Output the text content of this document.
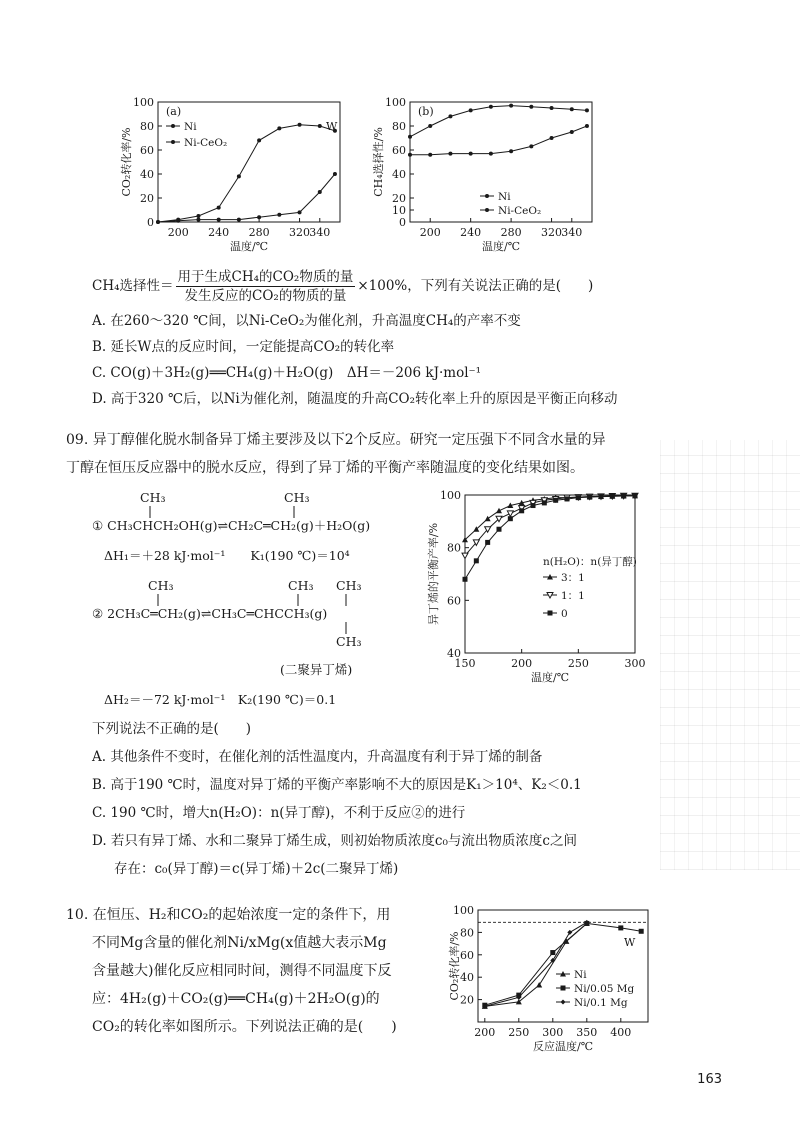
0
20
40
60
80
100
200 240 280 320 340
温度/℃
CO₂转化率/%
Ni
Ni-CeO₂
(a)
W
0
10
20
40
60
80
100
200 240 280 320 340
温度/℃
CH₄选择性/%
Ni
Ni-CeO₂
(b)
CH₄选择性＝ $\frac{\text{用于生成CH₄的CO₂物质的量}}{\text{发生反应的CO₂的物质的量}} \times 100\%$，下列有关说法正确的是(　　)
A. 在260～320 ℃间，以Ni-CeO₂为催化剂，升高温度CH₄的产率不变
B. 延长W点的反应时间，一定能提高CO₂的转化率
C. CO(g)＋3H₂(g)══CH₄(g)＋H₂O(g)　ΔH＝－206 kJ·mol⁻¹
D. 高于320 ℃后，以Ni为催化剂，随温度的升高CO₂转化率上升的原因是平衡正向移动
09. 异丁醇催化脱水制备异丁烯主要涉及以下2个反应。研究一定压强下不同含水量的异
丁醇在恒压反应器中的脱水反应，得到了异丁烯的平衡产率随温度的变化结果如图。
CH₃	CH₃
① CH₃CHCH₂OH(g)⇌CH₂C═CH₂(g)＋H₂O(g)
ΔH₁＝＋28 kJ·mol⁻¹　　K₁(190 ℃)＝10⁴
CH₃	CH₃ CH₃
② 2CH₃C═CH₂(g)⇌CH₃C═CHCCH₃(g)
CH₃
(二聚异丁烯)
ΔH₂＝－72 kJ·mol⁻¹　K₂(190 ℃)＝0.1
40
60
80
100
150	200	250	300
温度/℃
异丁烯的平衡产率/%	n(H₂O)：n(异丁醇)
3：1
1：1
0
下列说法不正确的是(　　)
A. 其他条件不变时，在催化剂的活性温度内，升高温度有利于异丁烯的制备
B. 高于190 ℃时，温度对异丁烯的平衡产率影响不大的原因是K₁＞10⁴、K₂＜0.1
C. 190 ℃时，增大n(H₂O)：n(异丁醇)，不利于反应②的进行
D. 若只有异丁烯、水和二聚异丁烯生成，则初始物质浓度c₀与流出物质浓度c之间
存在：c₀(异丁醇)＝c(异丁烯)＋2c(二聚异丁烯)
10. 在恒压、H₂和CO₂的起始浓度一定的条件下，用
不同Mg含量的催化剂Ni/xMg(x值越大表示Mg
含量越大)催化反应相同时间，测得不同温度下反
应：4H₂(g)＋CO₂(g)══CH₄(g)＋2H₂O(g)的
CO₂的转化率如图所示。下列说法正确的是(　　)
20
40
60
80
100
200 250 300 350 400
反应温度/℃
CO₂转化率/%	Ni
Ni/0.05 Mg
Ni/0.1 Mg
W
163
